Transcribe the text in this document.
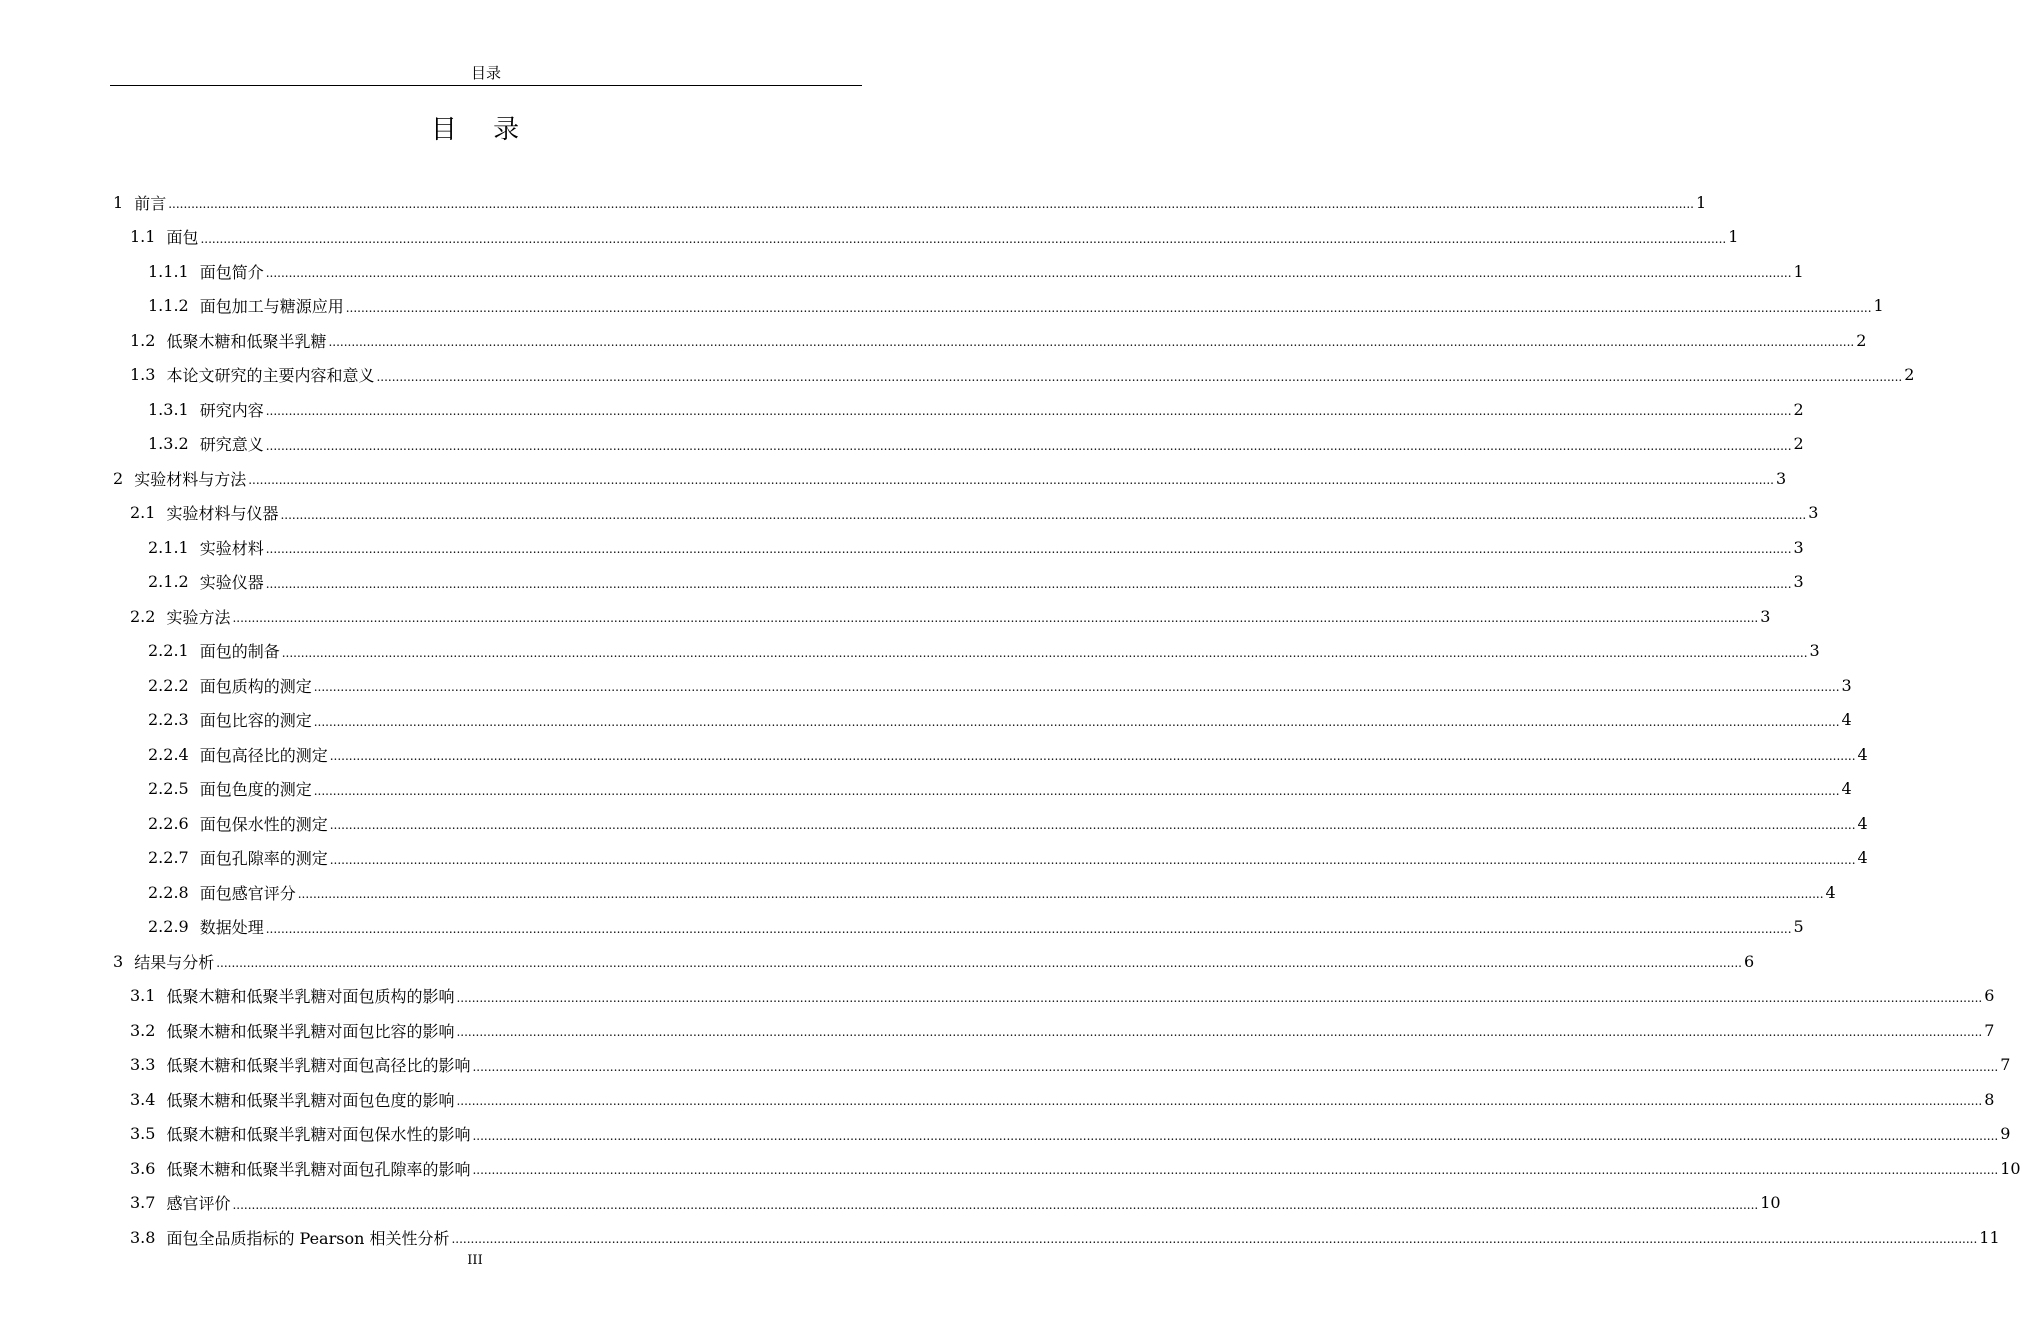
目录
目 录
1 前言 ................................................................................................................................................................................................................................................................................................................................................................................................................ 1
1.1 面包 ................................................................................................................................................................................................................................................................................................................................................................................................................ 1
1.1.1 面包简介 ................................................................................................................................................................................................................................................................................................................................................................................................................ 1
1.1.2 面包加工与糖源应用 ................................................................................................................................................................................................................................................................................................................................................................................................................ 1
1.2 低聚木糖和低聚半乳糖 ................................................................................................................................................................................................................................................................................................................................................................................................................ 2
1.3 本论文研究的主要内容和意义 ................................................................................................................................................................................................................................................................................................................................................................................................................ 2
1.3.1 研究内容 ................................................................................................................................................................................................................................................................................................................................................................................................................ 2
1.3.2 研究意义 ................................................................................................................................................................................................................................................................................................................................................................................................................ 2
2 实验材料与方法 ................................................................................................................................................................................................................................................................................................................................................................................................................ 3
2.1 实验材料与仪器 ................................................................................................................................................................................................................................................................................................................................................................................................................ 3
2.1.1 实验材料 ................................................................................................................................................................................................................................................................................................................................................................................................................ 3
2.1.2 实验仪器 ................................................................................................................................................................................................................................................................................................................................................................................................................ 3
2.2 实验方法 ................................................................................................................................................................................................................................................................................................................................................................................................................ 3
2.2.1 面包的制备 ................................................................................................................................................................................................................................................................................................................................................................................................................ 3
2.2.2 面包质构的测定 ................................................................................................................................................................................................................................................................................................................................................................................................................ 3
2.2.3 面包比容的测定 ................................................................................................................................................................................................................................................................................................................................................................................................................ 4
2.2.4 面包高径比的测定 ................................................................................................................................................................................................................................................................................................................................................................................................................ 4
2.2.5 面包色度的测定 ................................................................................................................................................................................................................................................................................................................................................................................................................ 4
2.2.6 面包保水性的测定 ................................................................................................................................................................................................................................................................................................................................................................................................................ 4
2.2.7 面包孔隙率的测定 ................................................................................................................................................................................................................................................................................................................................................................................................................ 4
2.2.8 面包感官评分 ................................................................................................................................................................................................................................................................................................................................................................................................................ 4
2.2.9 数据处理 ................................................................................................................................................................................................................................................................................................................................................................................................................ 5
3 结果与分析 ................................................................................................................................................................................................................................................................................................................................................................................................................ 6
3.1 低聚木糖和低聚半乳糖对面包质构的影响 ................................................................................................................................................................................................................................................................................................................................................................................................................ 6
3.2 低聚木糖和低聚半乳糖对面包比容的影响 ................................................................................................................................................................................................................................................................................................................................................................................................................ 7
3.3 低聚木糖和低聚半乳糖对面包高径比的影响 ................................................................................................................................................................................................................................................................................................................................................................................................................ 7
3.4 低聚木糖和低聚半乳糖对面包色度的影响 ................................................................................................................................................................................................................................................................................................................................................................................................................ 8
3.5 低聚木糖和低聚半乳糖对面包保水性的影响 ................................................................................................................................................................................................................................................................................................................................................................................................................ 9
3.6 低聚木糖和低聚半乳糖对面包孔隙率的影响 ................................................................................................................................................................................................................................................................................................................................................................................................................ 10
3.7 感官评价 ................................................................................................................................................................................................................................................................................................................................................................................................................ 10
3.8 面包全品质指标的 Pearson 相关性分析 ................................................................................................................................................................................................................................................................................................................................................................................................................ 11
III
